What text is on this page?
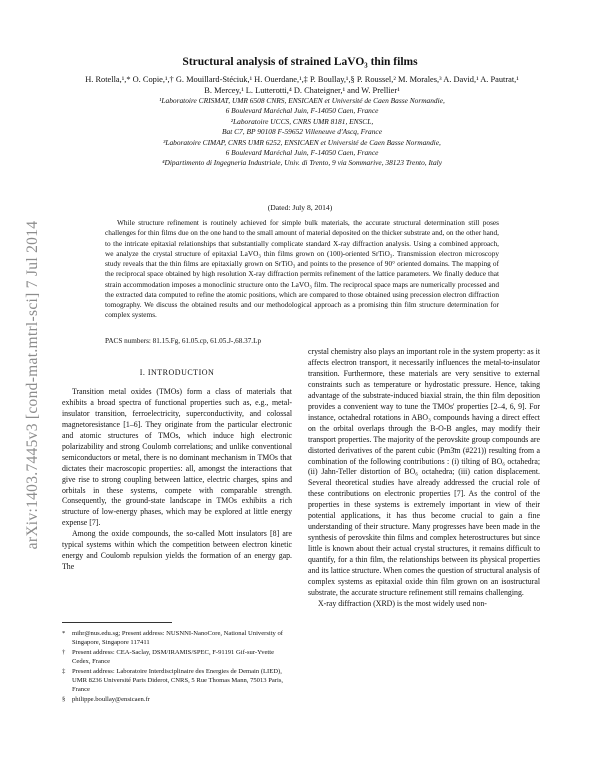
arXiv:1403.7445v3 [cond-mat.mtrl-sci] 7 Jul 2014
Structural analysis of strained LaVO₃ thin films
H. Rotella,¹,* O. Copie,¹,† G. Mouillard-Stéciuk,¹ H. Ouerdane,¹,‡ P. Boullay,¹,§ P. Roussel,² M. Morales,³ A. David,¹ A. Pautrat,¹ B. Mercey,¹ L. Lutterotti,⁴ D. Chateigner,¹ and W. Prellier¹
¹Laboratoire CRISMAT, UMR 6508 CNRS, ENSICAEN et Université de Caen Basse Normandie,
6 Boulevard Maréchal Juin, F-14050 Caen, France
²Laboratoire UCCS, CNRS UMR 8181, ENSCL,
Bat C7, BP 90108 F-59652 Villeneuve d'Ascq, France
³Laboratoire CIMAP, CNRS UMR 6252, ENSICAEN et Université de Caen Basse Normandie,
6 Boulevard Maréchal Juin, F-14050 Caen, France
⁴Dipartimento di Ingegneria Industriale, Univ. di Trento, 9 via Sommarive, 38123 Trento, Italy
(Dated: July 8, 2014)
While structure refinement is routinely achieved for simple bulk materials, the accurate structural determination still poses challenges for thin films due on the one hand to the small amount of material deposited on the thicker substrate and, on the other hand, to the intricate epitaxial relationships that substantially complicate standard X-ray diffraction analysis. Using a combined approach, we analyze the crystal structure of epitaxial LaVO₃ thin films grown on (100)-oriented SrTiO₃. Transmission electron microscopy study reveals that the thin films are epitaxially grown on SrTiO₃ and points to the presence of 90° oriented domains. The mapping of the reciprocal space obtained by high resolution X-ray diffraction permits refinement of the lattice parameters. We finally deduce that strain accommodation imposes a monoclinic structure onto the LaVO₃ film. The reciprocal space maps are numerically processed and the extracted data computed to refine the atomic positions, which are compared to those obtained using precession electron diffraction tomography. We discuss the obtained results and our methodological approach as a promising thin film structure determination for complex systems.
PACS numbers: 81.15.Fg, 61.05.cp, 61.05.J-,68.37.Lp
I. INTRODUCTION

Transition metal oxides (TMOs) form a class of materials that exhibits a broad spectra of functional properties such as, e.g., metal-insulator transition, ferroelectricity, superconductivity, and colossal magnetoresistance [1–6]. They originate from the particular electronic and atomic structures of TMOs, which induce high electronic polarizability and strong Coulomb correlations; and unlike conventional semiconductors or metal, there is no dominant mechanism in TMOs that dictates their macroscopic properties: all, amongst the interactions that give rise to strong coupling between lattice, electric charges, spins and orbitals in these systems, compete with comparable strength. Consequently, the ground-state landscape in TMOs exhibits a rich structure of low-energy phases, which may be explored at little energy expense [7].

Among the oxide compounds, the so-called Mott insulators [8] are typical systems within which the competition between electron kinetic energy and Coulomb repulsion yields the formation of an energy gap. The

crystal chemistry also plays an important role in the system property: as it affects electron transport, it necessarily influences the metal-to-insulator transition. Furthermore, these materials are very sensitive to external constraints such as temperature or hydrostatic pressure. Hence, taking advantage of the substrate-induced biaxial strain, the thin film deposition provides a convenient way to tune the TMOs' properties [2–4, 6, 9]. For instance, octahedral rotations in ABO₃ compounds having a direct effect on the orbital overlaps through the B-O-B angles, may modify their transport properties. The majority of the perovskite group compounds are distorted derivatives of the parent cubic (Pm3̄m (#221)) resulting from a combination of the following contributions : (i) tilting of BO₆ octahedra; (ii) Jahn-Teller distortion of BO₆ octahedra; (iii) cation displacement. Several theoretical studies have already addressed the crucial role of these contributions on electronic properties [7]. As the control of the properties in these systems is extremely important in view of their potential applications, it has thus become crucial to gain a fine understanding of their structure. Many progresses have been made in the synthesis of perovskite thin films and complex heterostructures but since little is known about their actual crystal structures, it remains difficult to quantify, for a thin film, the relationships between its physical properties and its lattice structure. When comes the question of structural analysis of complex systems as epitaxial oxide thin film grown on an isostructural substrate, the accurate structure refinement still remains challenging.

X-ray diffraction (XRD) is the most widely used non-

* mihr@nus.edu.sg; Present address: NUSNNI-NanoCore, National University of Singapore, Singapore 117411

† Present address: CEA-Saclay, DSM/IRAMIS/SPEC, F-91191 Gif-sur-Yvette Cedex, France

‡ Present address: Laboratoire Interdisciplinaire des Energies de Demain (LIED), UMR 8236 Université Paris Diderot, CNRS, 5 Rue Thomas Mann, 75013 Paris, France

§ philippe.boullay@ensicaen.fr
